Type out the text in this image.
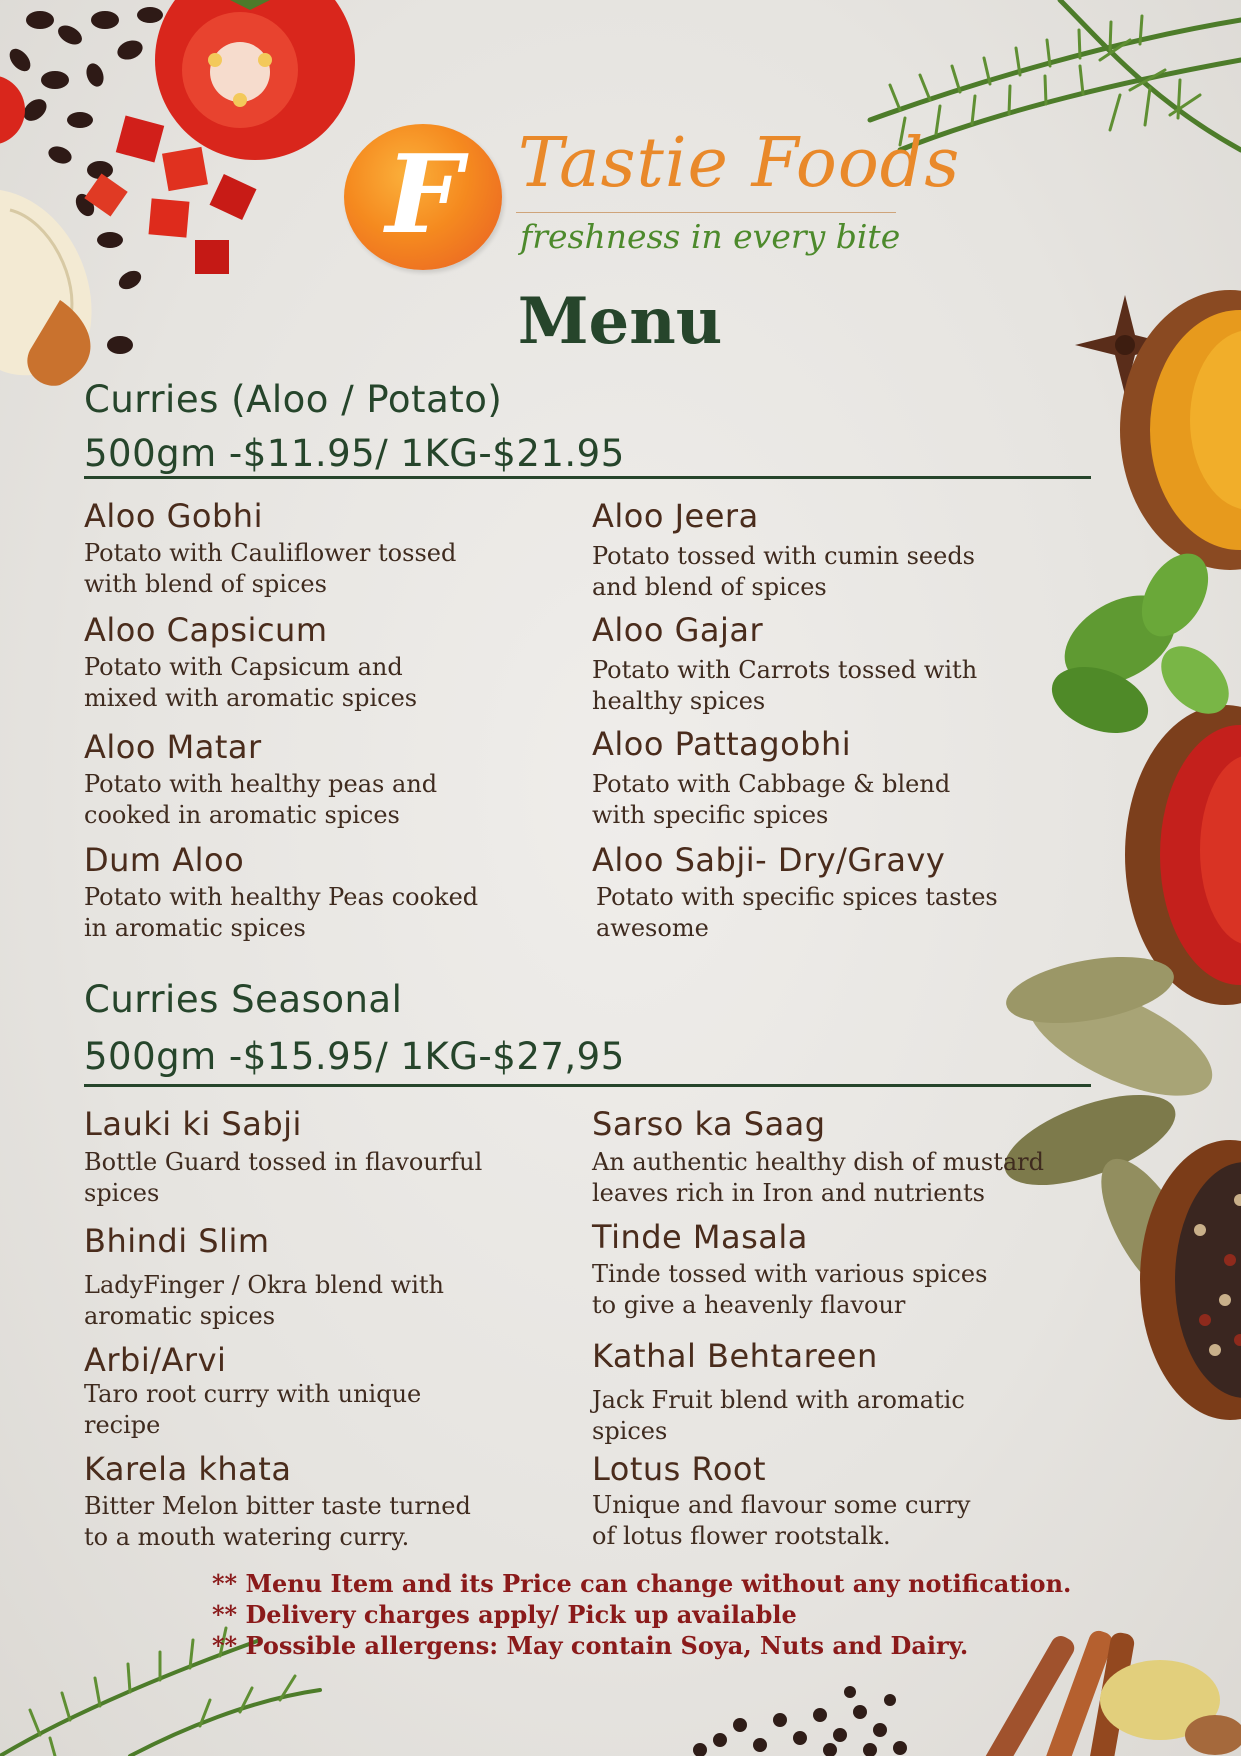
F Tastie Foods
freshness in every bite
Menu
Curries (Aloo / Potato)
500gm -$11.95/ 1KG-$21.95
Aloo Gobhi
Potato with Cauliflower tossed
with blend of spices
Aloo Jeera
Potato tossed with cumin seeds
and blend of spices
Aloo Capsicum
Potato with Capsicum and
mixed with aromatic spices
Aloo Gajar
Potato with Carrots tossed with
healthy spices
Aloo Matar
Potato with healthy peas and
cooked in aromatic spices
Aloo Pattagobhi
Potato with Cabbage & blend
with specific spices
Dum Aloo
Potato with healthy Peas cooked
in aromatic spices
Aloo Sabji- Dry/Gravy
Potato with specific spices tastes
awesome
Curries Seasonal
500gm -$15.95/ 1KG-$27,95
Lauki ki Sabji
Bottle Guard tossed in flavourful
spices
Sarso ka Saag
An authentic healthy dish of mustard
leaves rich in Iron and nutrients
Bhindi Slim
LadyFinger / Okra blend with
aromatic spices
Tinde Masala
Tinde tossed with various spices
to give a heavenly flavour
Arbi/Arvi
Taro root curry with unique
recipe
Kathal Behtareen
Jack Fruit blend with aromatic
spices
Karela khata
Bitter Melon bitter taste turned
to a mouth watering curry.
Lotus Root
Unique and flavour some curry
of lotus flower rootstalk.
** Menu Item and its Price can change without any notification.
** Delivery charges apply/ Pick up available
** Possible allergens: May contain Soya, Nuts and Dairy.
